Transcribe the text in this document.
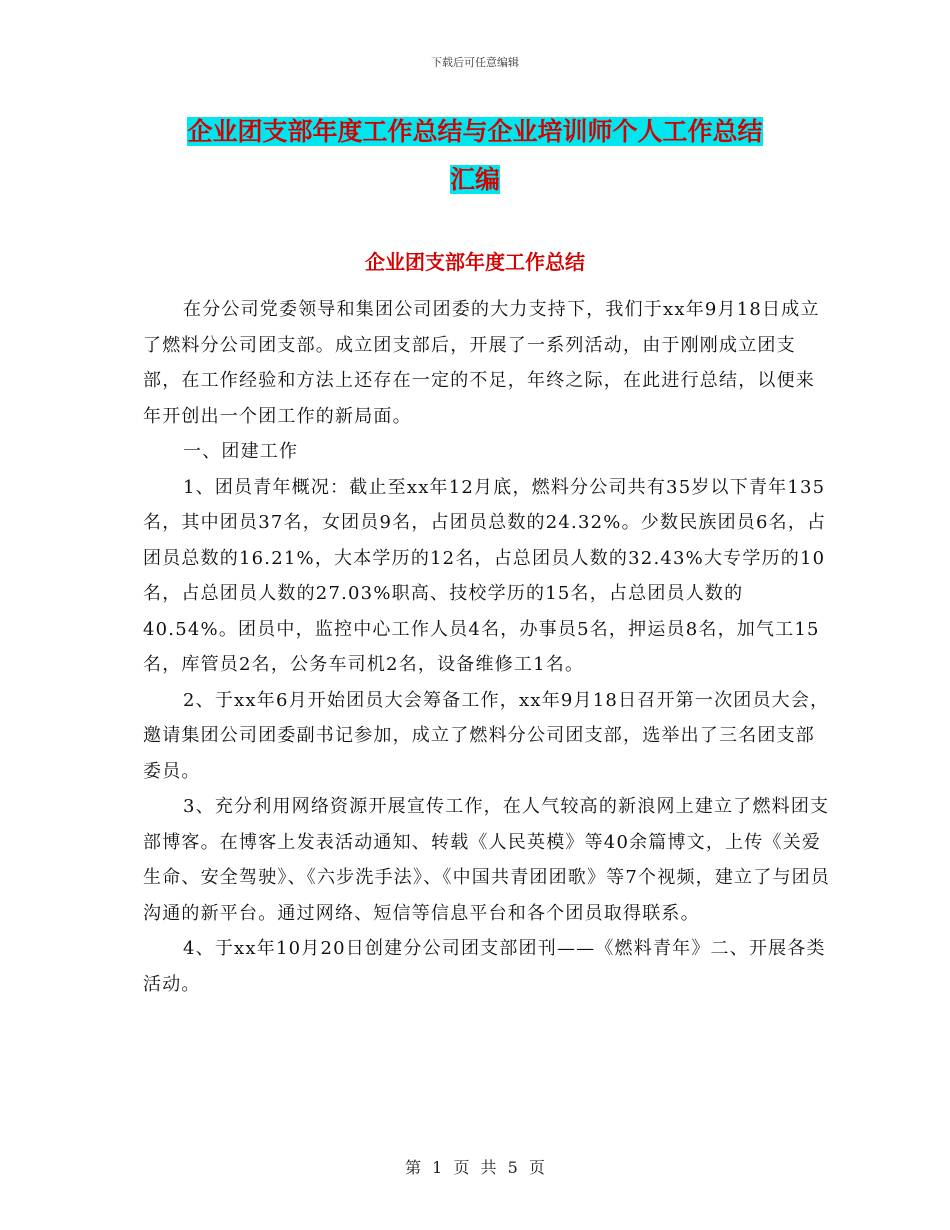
下载后可任意编辑
企业团支部年度工作总结与企业培训师个人工作总结
汇编
企业团支部年度工作总结

在分公司党委领导和集团公司团委的大力支持下，我们于xx年9月18日成立了燃料分公司团支部。成立团支部后，开展了一系列活动，由于刚刚成立团支部，在工作经验和方法上还存在一定的不足，年终之际，在此进行总结，以便来年开创出一个团工作的新局面。

一、团建工作

1、团员青年概况：截止至xx年12月底，燃料分公司共有35岁以下青年135名，其中团员37名，女团员9名，占团员总数的24.32%。少数民族团员6名，占团员总数的16.21%，大本学历的12名，占总团员人数的32.43%大专学历的10名，占总团员人数的27.03%职高、技校学历的15名，占总团员人数的40.54%。团员中，监控中心工作人员4名，办事员5名，押运员8名，加气工15名，库管员2名，公务车司机2名，设备维修工1名。

2、于xx年6月开始团员大会筹备工作，xx年9月18日召开第一次团员大会，邀请集团公司团委副书记参加，成立了燃料分公司团支部，选举出了三名团支部委员。

3、充分利用网络资源开展宣传工作，在人气较高的新浪网上建立了燃料团支部博客。在博客上发表活动通知、转载《人民英模》等40余篇博文，上传《关爱生命、安全驾驶》、《六步洗手法》、《中国共青团团歌》等7个视频，建立了与团员沟通的新平台。通过网络、短信等信息平台和各个团员取得联系。

4、于xx年10月20日创建分公司团支部团刊——《燃料青年》二、开展各类活动。

第 1 页 共 5 页
